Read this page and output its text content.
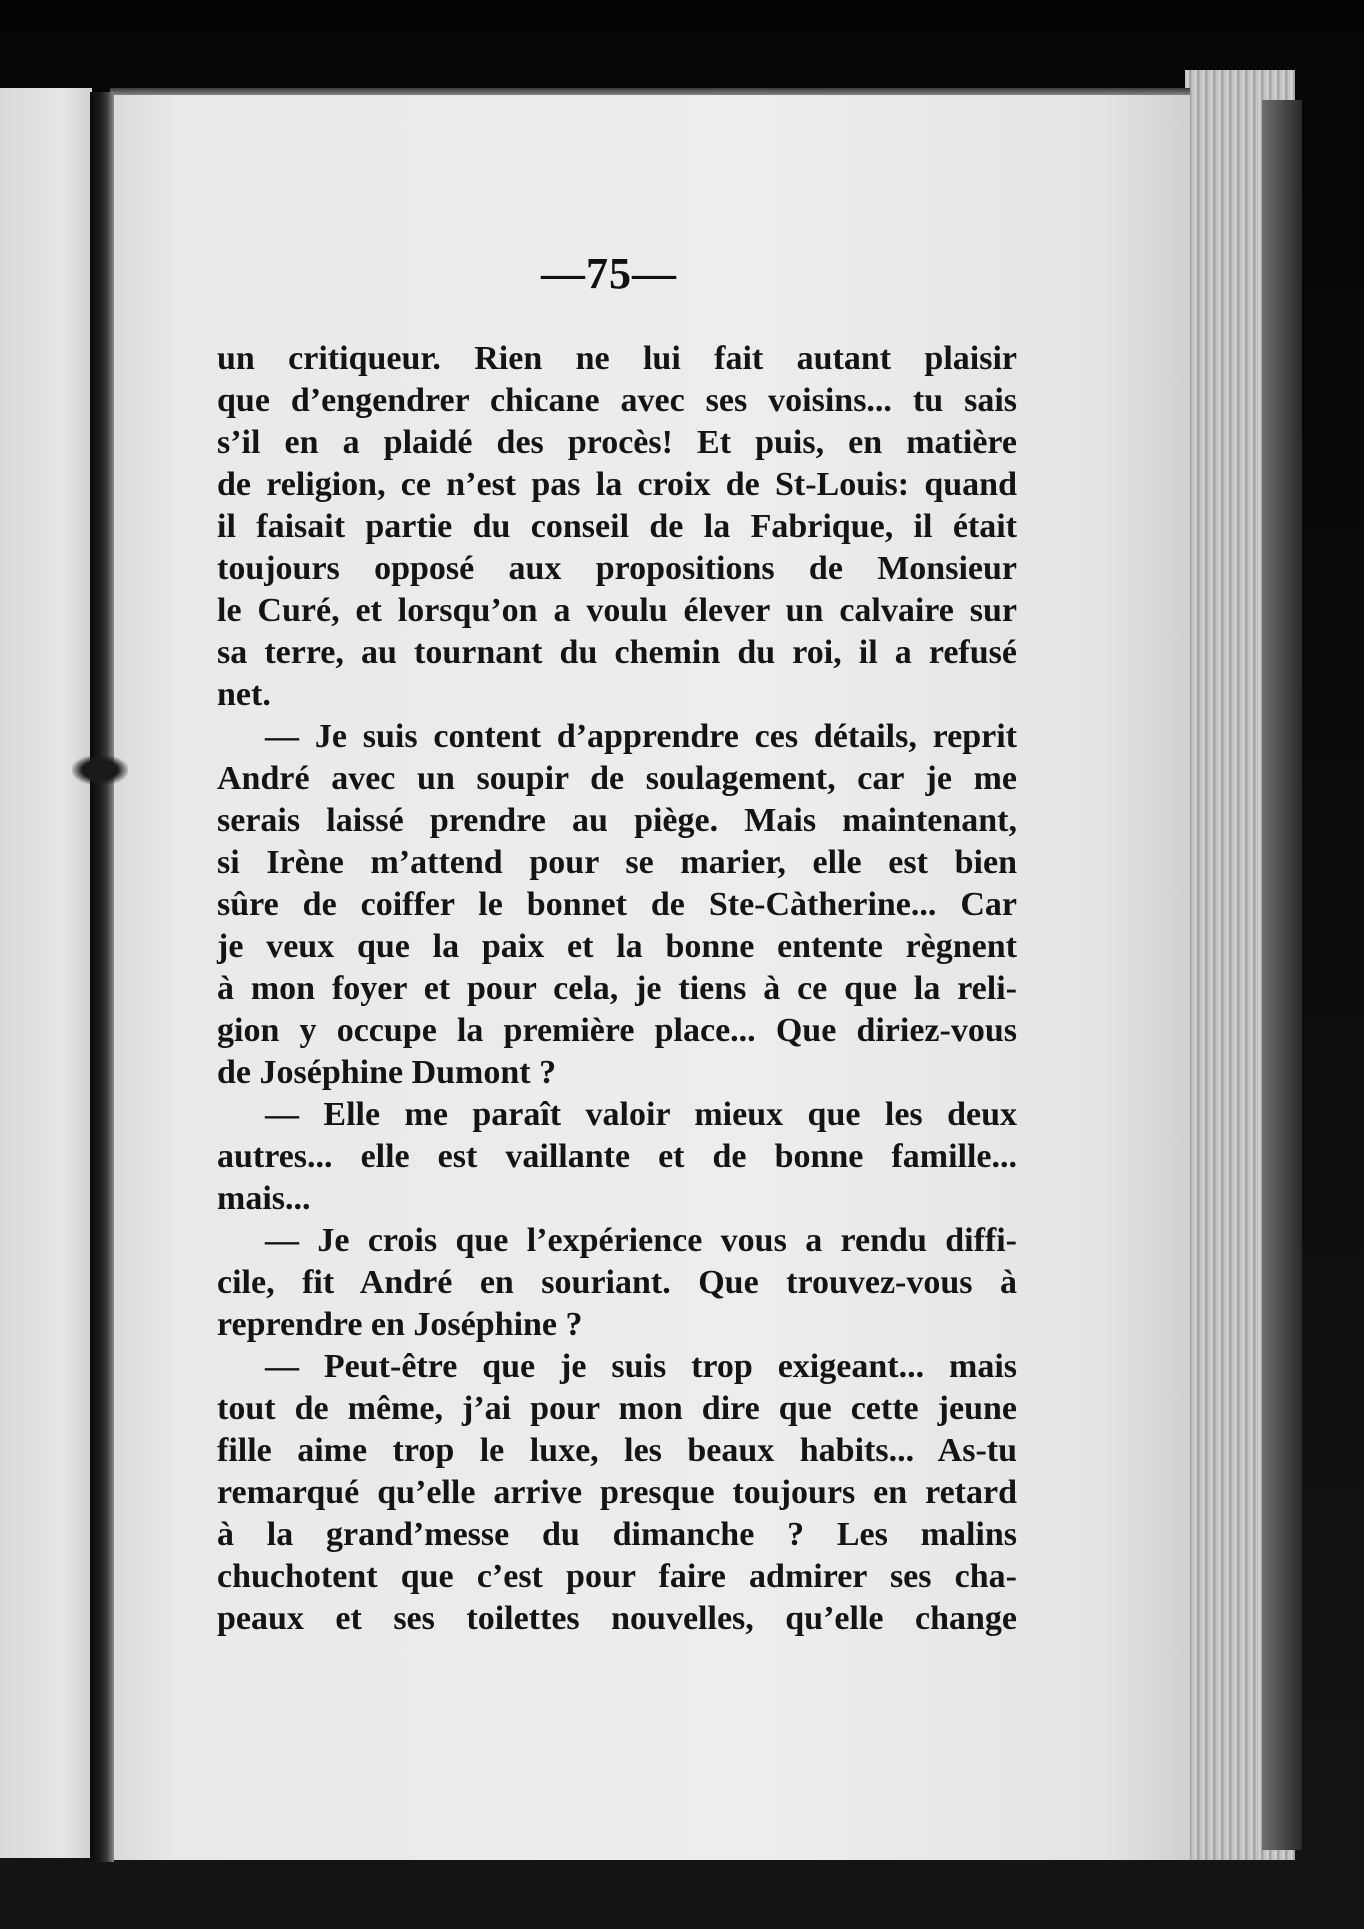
—75—
un critiqueur. Rien ne lui fait autant plaisir
que d’engendrer chicane avec ses voisins... tu sais
s’il en a plaidé des procès! Et puis, en matière
de religion, ce n’est pas la croix de St-Louis: quand
il faisait partie du conseil de la Fabrique, il était
toujours opposé aux propositions de Monsieur
le Curé, et lorsqu’on a voulu élever un calvaire sur
sa terre, au tournant du chemin du roi, il a refusé
net.
— Je suis content d’apprendre ces détails, reprit
André avec un soupir de soulagement, car je me
serais laissé prendre au piège. Mais maintenant,
si Irène m’attend pour se marier, elle est bien
sûre de coiffer le bonnet de Ste-Càtherine... Car
je veux que la paix et la bonne entente règnent
à mon foyer et pour cela, je tiens à ce que la reli-
gion y occupe la première place... Que diriez-vous
de Joséphine Dumont ?
— Elle me paraît valoir mieux que les deux
autres... elle est vaillante et de bonne famille...
mais...
— Je crois que l’expérience vous a rendu diffi-
cile, fit André en souriant. Que trouvez-vous à
reprendre en Joséphine ?
— Peut-être que je suis trop exigeant... mais
tout de même, j’ai pour mon dire que cette jeune
fille aime trop le luxe, les beaux habits... As-tu
remarqué qu’elle arrive presque toujours en retard
à la grand’messe du dimanche ? Les malins
chuchotent que c’est pour faire admirer ses cha-
peaux et ses toilettes nouvelles, qu’elle change
